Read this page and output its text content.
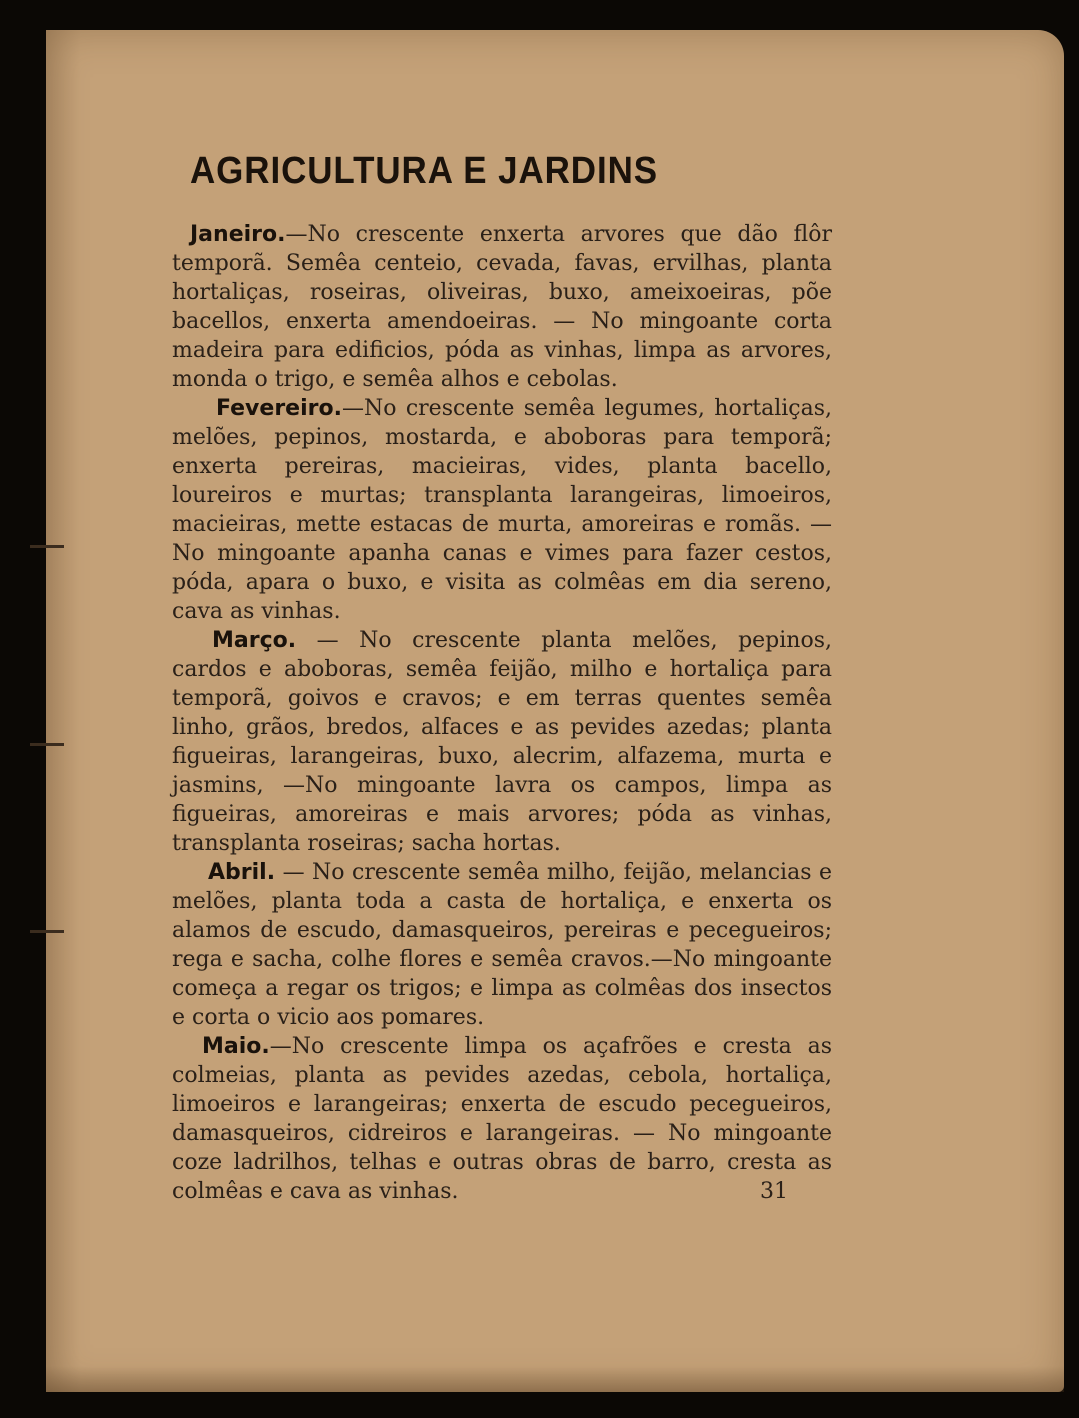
AGRICULTURA E JARDINS

Janeiro.—No crescente enxerta arvores que dão flôr temporã. Semêa centeio, cevada, favas, ervilhas, planta hortaliças, roseiras, oliveiras, buxo, ameixoeiras, põe bacellos, enxerta amendoeiras. — No mingoante corta madeira para edificios, póda as vinhas, limpa as arvores, monda o trigo, e semêa alhos e cebolas.

Fevereiro.—No crescente semêa legumes, hortaliças, melões, pepinos, mostarda, e aboboras para temporã; enxerta pereiras, macieiras, vides, planta bacello, loureiros e murtas; transplanta larangeiras, limoeiros, macieiras, mette estacas de murta, amoreiras e romãs. — No mingoante apanha canas e vimes para fazer cestos, póda, apara o buxo, e visita as colmêas em dia sereno, cava as vinhas.

Março. — No crescente planta melões, pepinos, cardos e aboboras, semêa feijão, milho e hortaliça para temporã, goivos e cravos; e em terras quentes semêa linho, grãos, bredos, alfaces e as pevides azedas; planta figueiras, larangeiras, buxo, alecrim, alfazema, murta e jasmins, —No mingoante lavra os campos, limpa as figueiras, amoreiras e mais arvores; póda as vinhas, transplanta roseiras; sacha hortas.

Abril. — No crescente semêa milho, feijão, melancias e melões, planta toda a casta de hortaliça, e enxerta os alamos de escudo, damasqueiros, pereiras e pecegueiros; rega e sacha, colhe flores e semêa cravos.—No mingoante começa a regar os trigos; e limpa as colmêas dos insectos e corta o vicio aos pomares.

Maio.—No crescente limpa os açafrões e cresta as colmeias, planta as pevides azedas, cebola, hortaliça, limoeiros e larangeiras; enxerta de escudo pecegueiros, damasqueiros, cidreiros e larangeiras. — No mingoante coze ladrilhos, telhas e outras obras de barro, cresta as colmêas e cava as vinhas.	31
